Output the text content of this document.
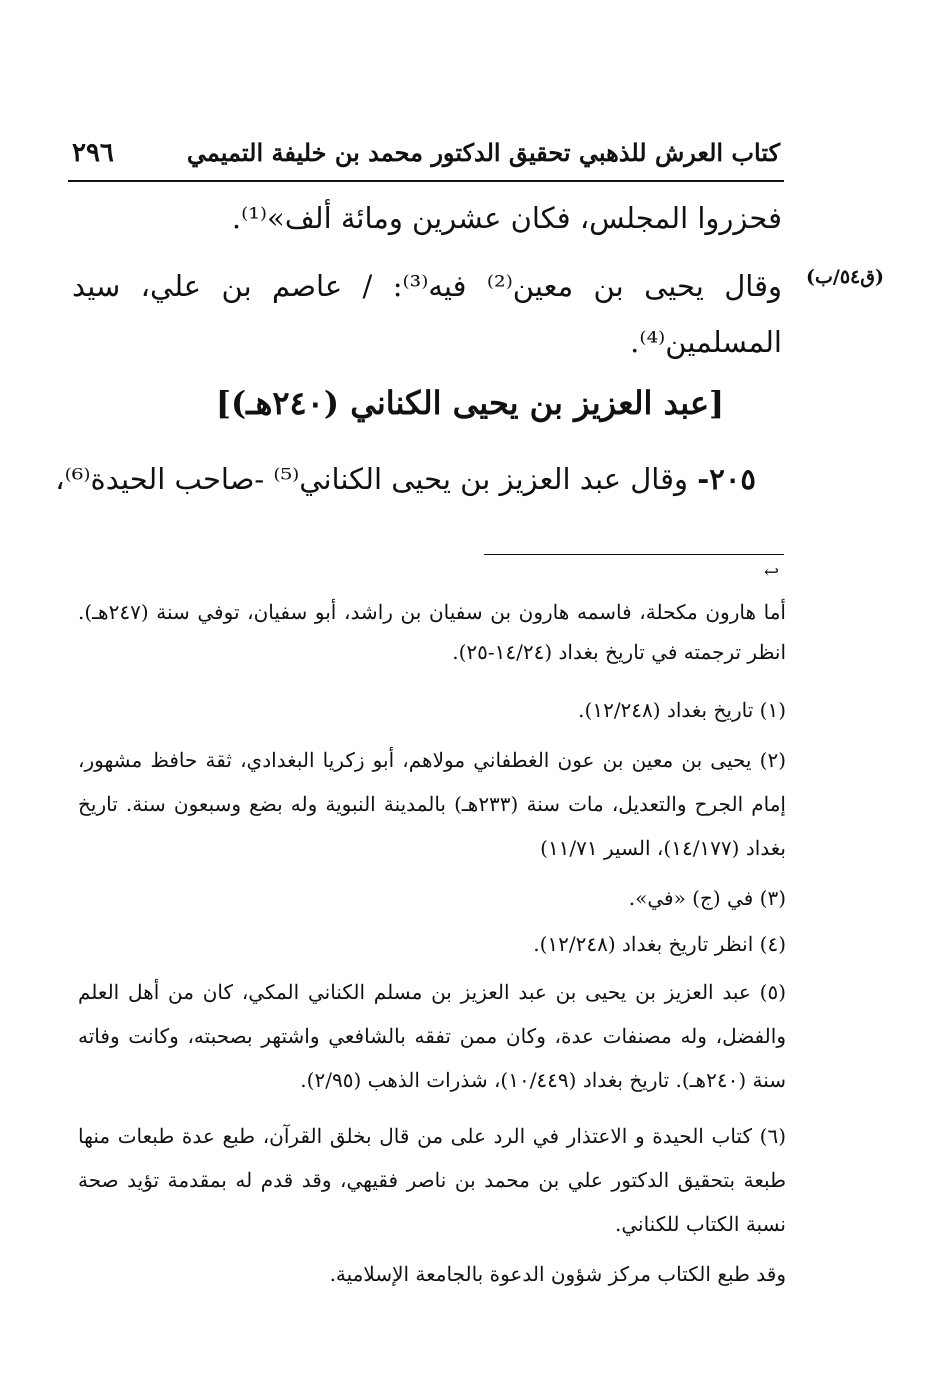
٢٩٦	كتاب العرش للذهبي تحقيق الدكتور محمد بن خليفة التميمي
فحزروا المجلس، فكان عشرين ومائة ألف»⁽¹⁾.
وقال يحيى بن معين⁽²⁾ فيه⁽³⁾: / عاصم بن علي، سيد المسلمين⁽⁴⁾.
(ق٥٤/ب)
[عبد العزيز بن يحيى الكناني (٢٤٠هـ)]
٢٠٥- وقال عبد العزيز بن يحيى الكناني⁽⁵⁾ -صاحب الحيدة⁽⁶⁾،
↩
أما هارون مكحلة، فاسمه هارون بن سفيان بن راشد، أبو سفيان، توفي سنة (٢٤٧هـ). انظر ترجمته في تاريخ بغداد (١٤/٢٤-٢٥).
(١) تاريخ بغداد (١٢/٢٤٨).
(٢) يحيى بن معين بن عون الغطفاني مولاهم، أبو زكريا البغدادي، ثقة حافظ مشهور، إمام الجرح والتعديل، مات سنة (٢٣٣هـ) بالمدينة النبوية وله بضع وسبعون سنة. تاريخ بغداد (١٤/١٧٧)، السير ١١/٧١)
(٣) في (ج) «في».
(٤) انظر تاريخ بغداد (١٢/٢٤٨).
(٥) عبد العزيز بن يحيى بن عبد العزيز بن مسلم الكناني المكي، كان من أهل العلم والفضل، وله مصنفات عدة، وكان ممن تفقه بالشافعي واشتهر بصحبته، وكانت وفاته سنة (٢٤٠هـ). تاريخ بغداد (١٠/٤٤٩)، شذرات الذهب (٢/٩٥).
(٦) كتاب الحيدة و الاعتذار في الرد على من قال بخلق القرآن، طبع عدة طبعات منها طبعة بتحقيق الدكتور علي بن محمد بن ناصر فقيهي، وقد قدم له بمقدمة تؤيد صحة نسبة الكتاب للكناني.
وقد طبع الكتاب مركز شؤون الدعوة بالجامعة الإسلامية.
